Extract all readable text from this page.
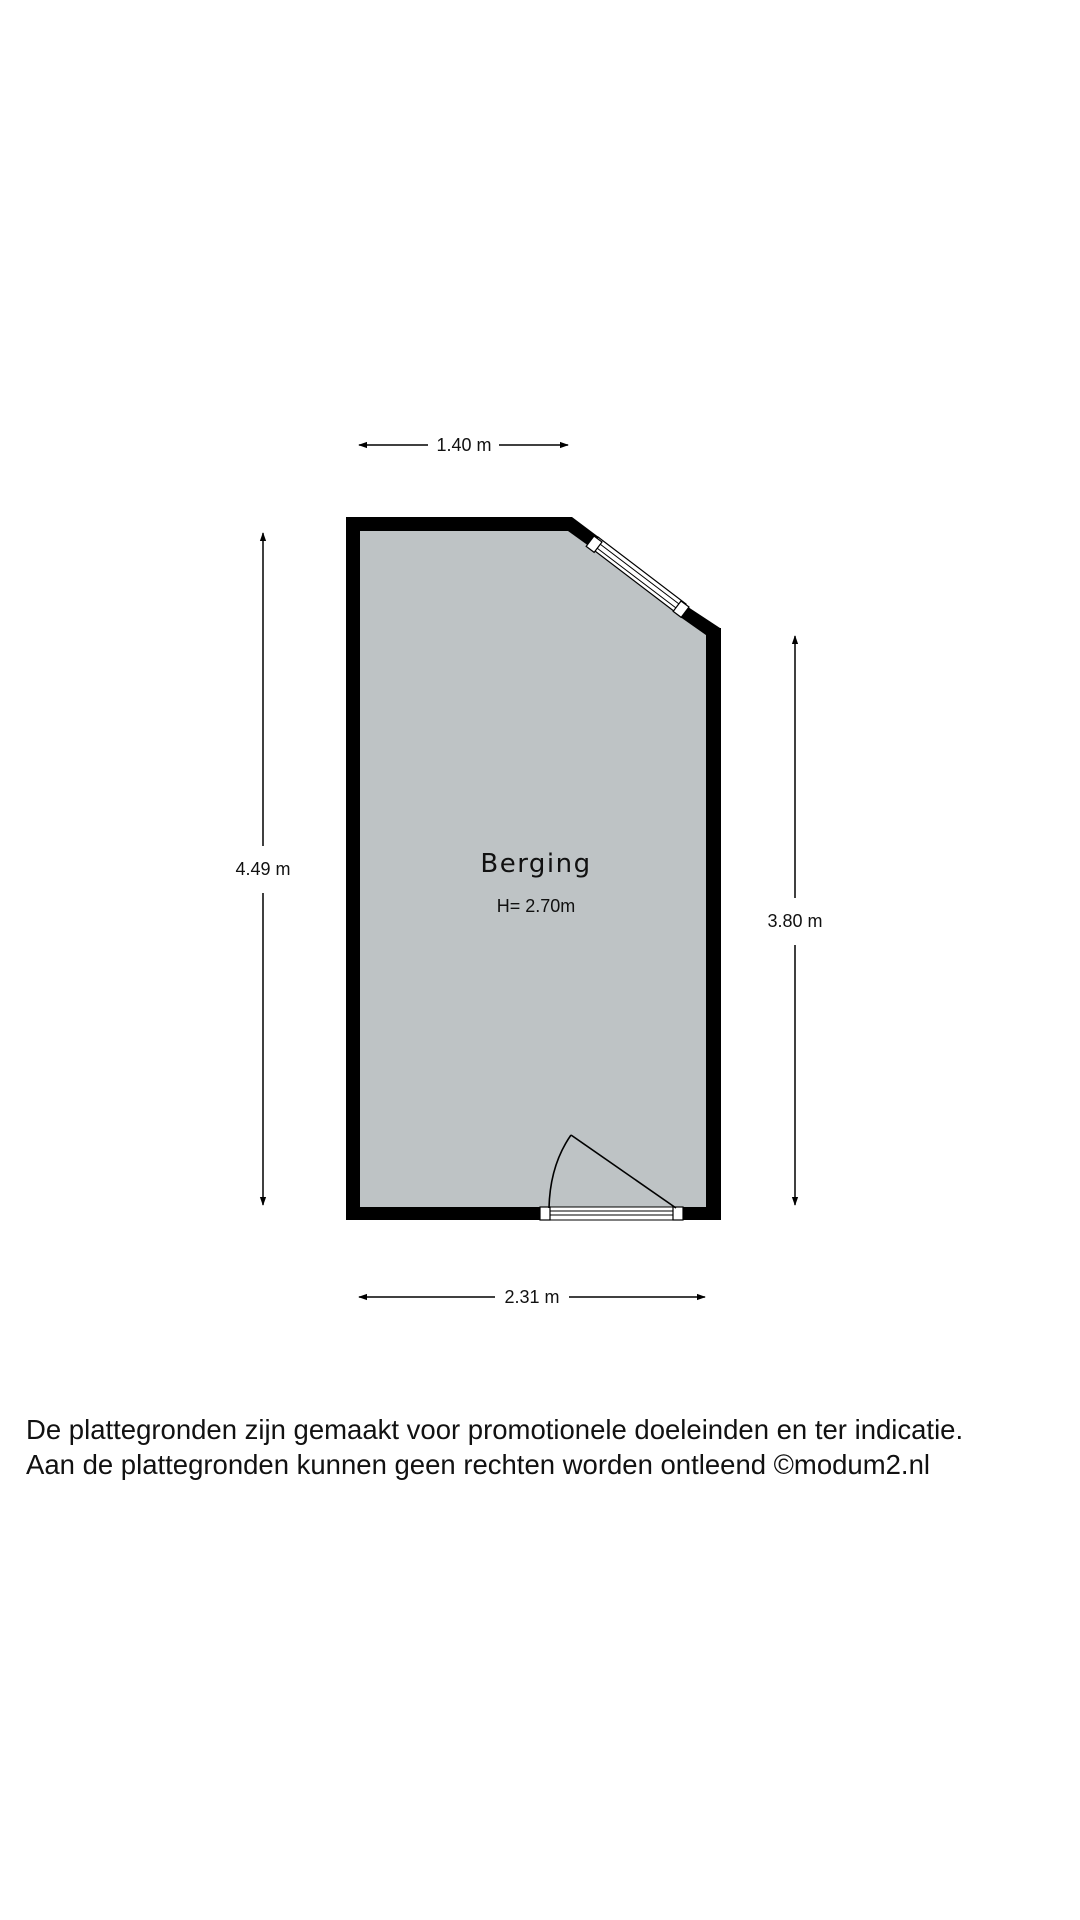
1.40 m
2.31 m
4.49 m
3.80 m
Berging
H= 2.70m
De plattegronden zijn gemaakt voor promotionele doeleinden en ter indicatie.
Aan de plattegronden kunnen geen rechten worden ontleend ©modum2.nl
